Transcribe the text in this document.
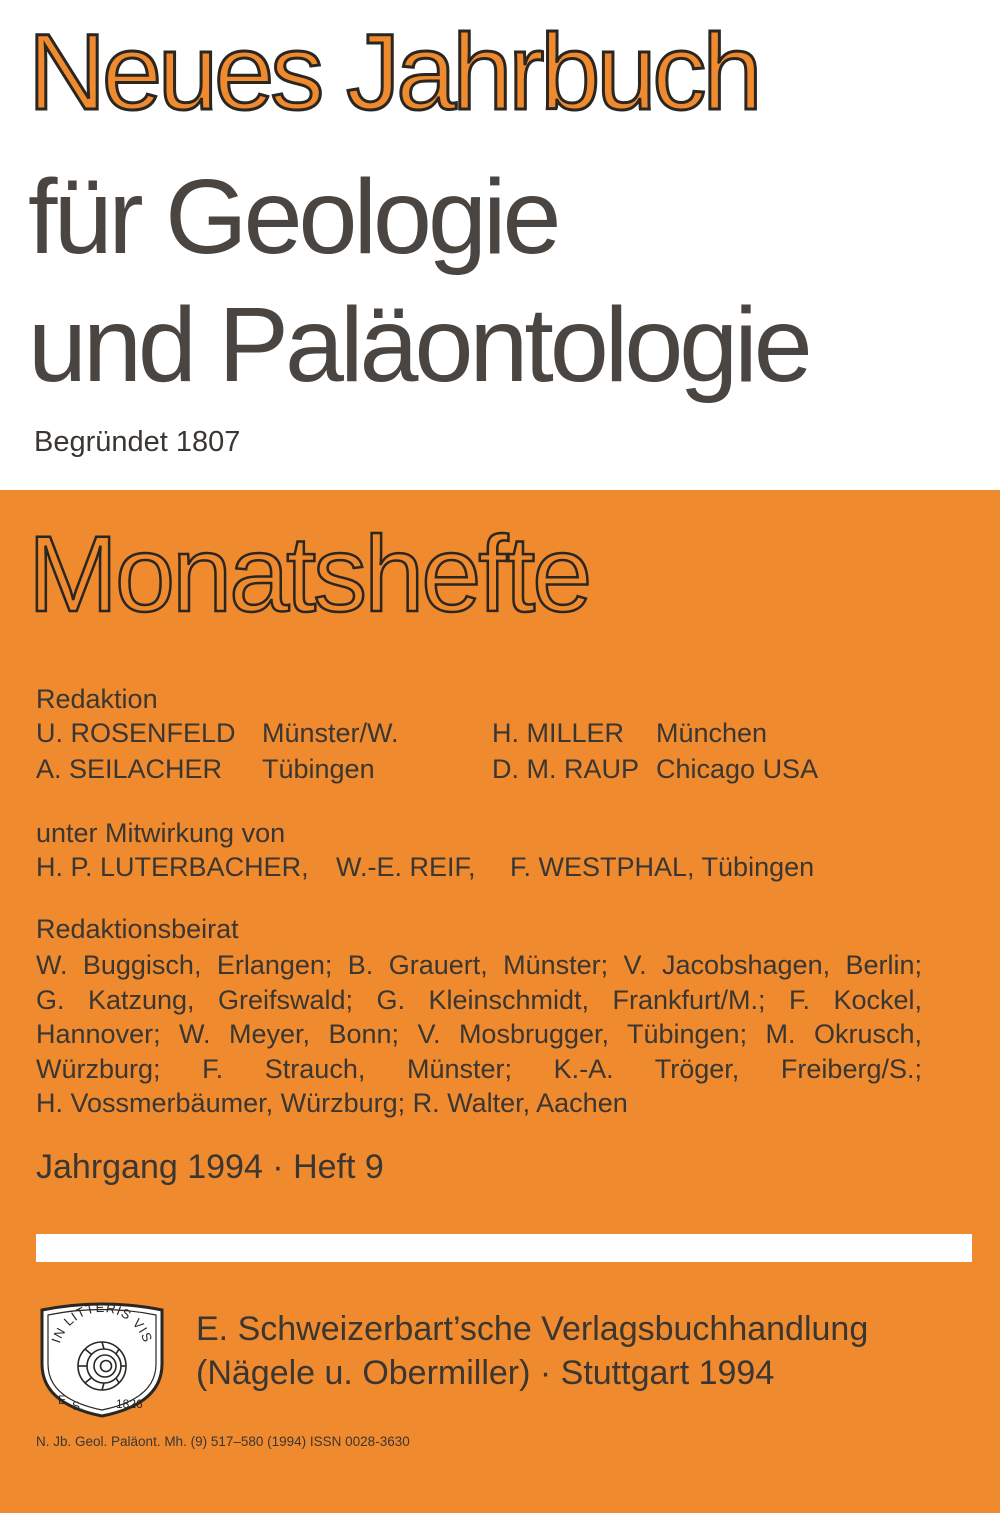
Neues Jahrbuch
für Geologie
und Paläontologie
Begründet 1807
Monatshefte
Redaktion
U. ROSENFELD Münster/W.
A. SEILACHER Tübingen
H. MILLER München
D. M. RAUP Chicago USA
unter Mitwirkung von
H. P. LUTERBACHER, W.-E. REIF, F. WESTPHAL, Tübingen
Redaktionsbeirat
W. Buggisch, Erlangen; B. Grauert, Münster; V. Jacobshagen, Berlin;
G. Katzung, Greifswald; G. Kleinschmidt, Frankfurt/M.; F. Kockel,
Hannover; W. Meyer, Bonn; V. Mosbrugger, Tübingen; M. Okrusch,
Würzburg; F. Strauch, Münster; K.-A. Tröger, Freiberg/S.;
H. Vossmerbäumer, Würzburg; R. Walter, Aachen
Jahrgang 1994 · Heft 9
IN LITTERIS VIS
E. S.	1826
E. Schweizerbart’sche Verlagsbuchhandlung
(Nägele u. Obermiller) · Stuttgart 1994
N. Jb. Geol. Paläont. Mh. (9) 517–580 (1994) ISSN 0028-3630
